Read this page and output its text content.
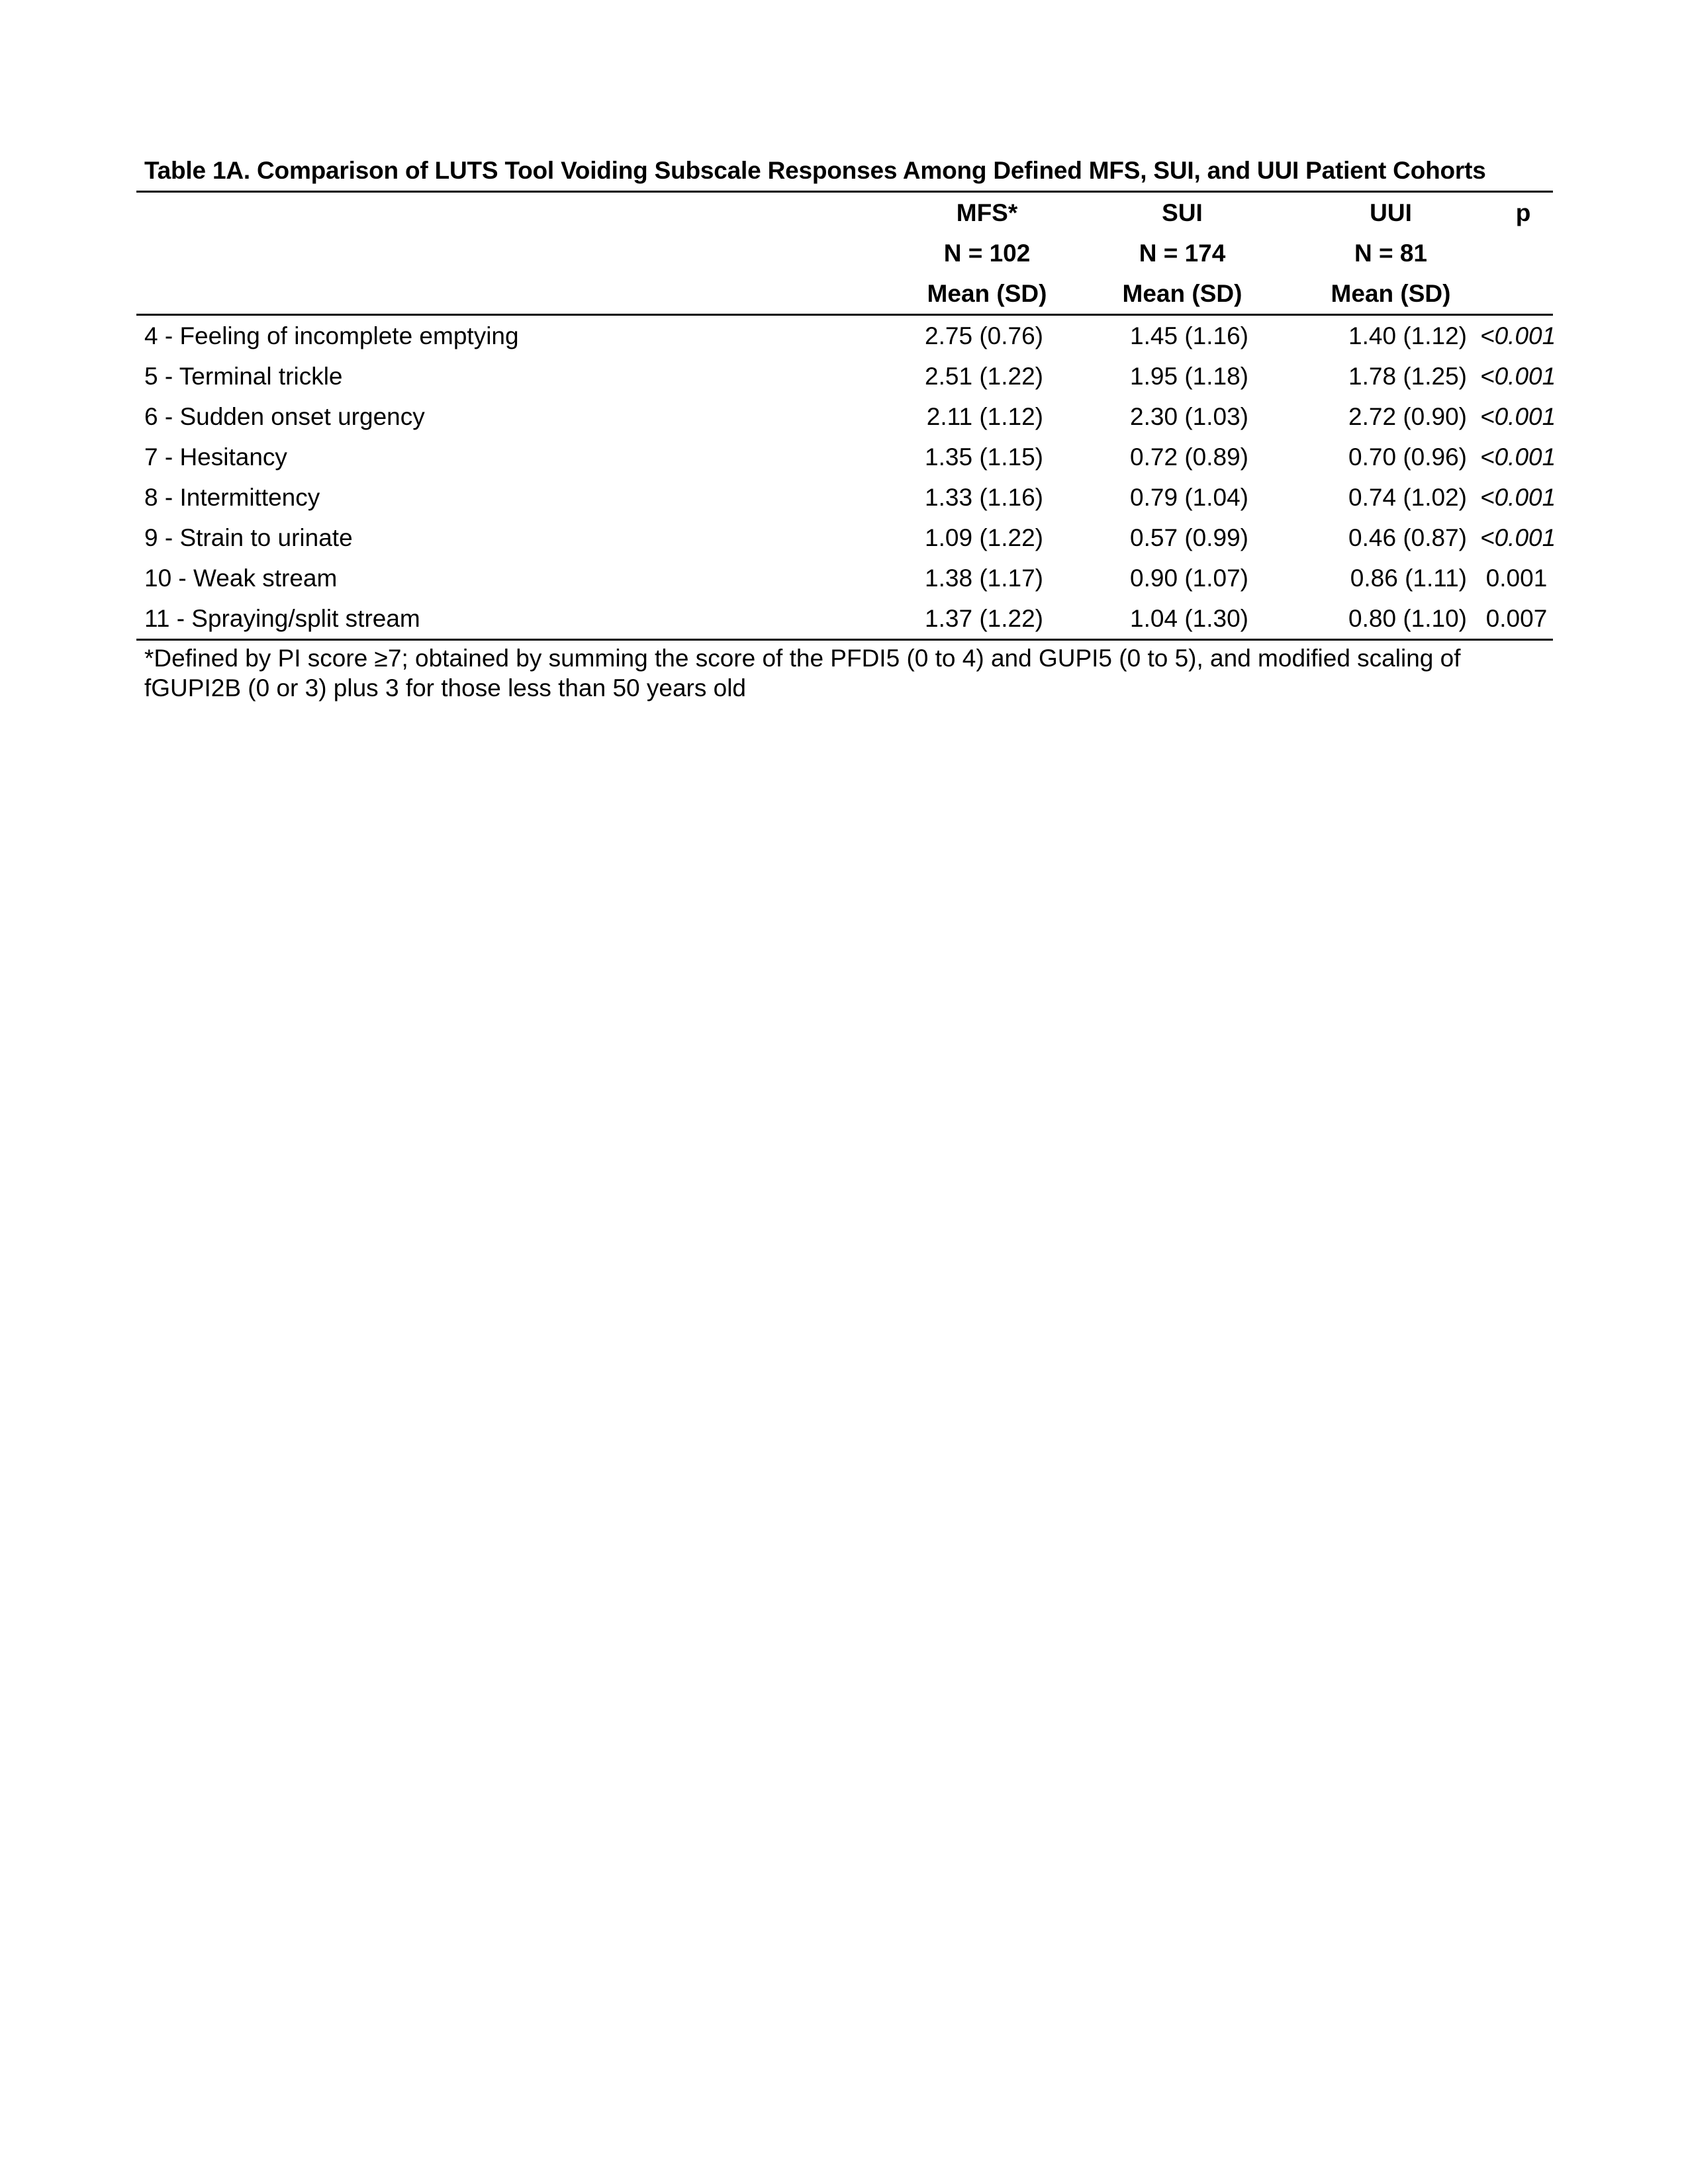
Table 1A. Comparison of LUTS Tool Voiding Subscale Responses Among Defined MFS, SUI, and UUI Patient Cohorts
	MFS*	SUI	UUI	p
	N = 102	N = 174	N = 81	
	Mean (SD)	Mean (SD)	Mean (SD)	
4 - Feeling of incomplete emptying	2.75 (0.76)	1.45 (1.16)	1.40 (1.12)	<0.001
5 - Terminal trickle	2.51 (1.22)	1.95 (1.18)	1.78 (1.25)	<0.001
6 - Sudden onset urgency	2.11 (1.12)	2.30 (1.03)	2.72 (0.90)	<0.001
7 - Hesitancy	1.35 (1.15)	0.72 (0.89)	0.70 (0.96)	<0.001
8 - Intermittency	1.33 (1.16)	0.79 (1.04)	0.74 (1.02)	<0.001
9 - Strain to urinate	1.09 (1.22)	0.57 (0.99)	0.46 (0.87)	<0.001
10 - Weak stream	1.38 (1.17)	0.90 (1.07)	0.86 (1.11)	0.001
11 - Spraying/split stream	1.37 (1.22)	1.04 (1.30)	0.80 (1.10)	0.007
*Defined by PI score ≥7; obtained by summing the score of the PFDI5 (0 to 4) and GUPI5 (0 to 5), and modified scaling of fGUPI2B (0 or 3) plus 3 for those less than 50 years old
